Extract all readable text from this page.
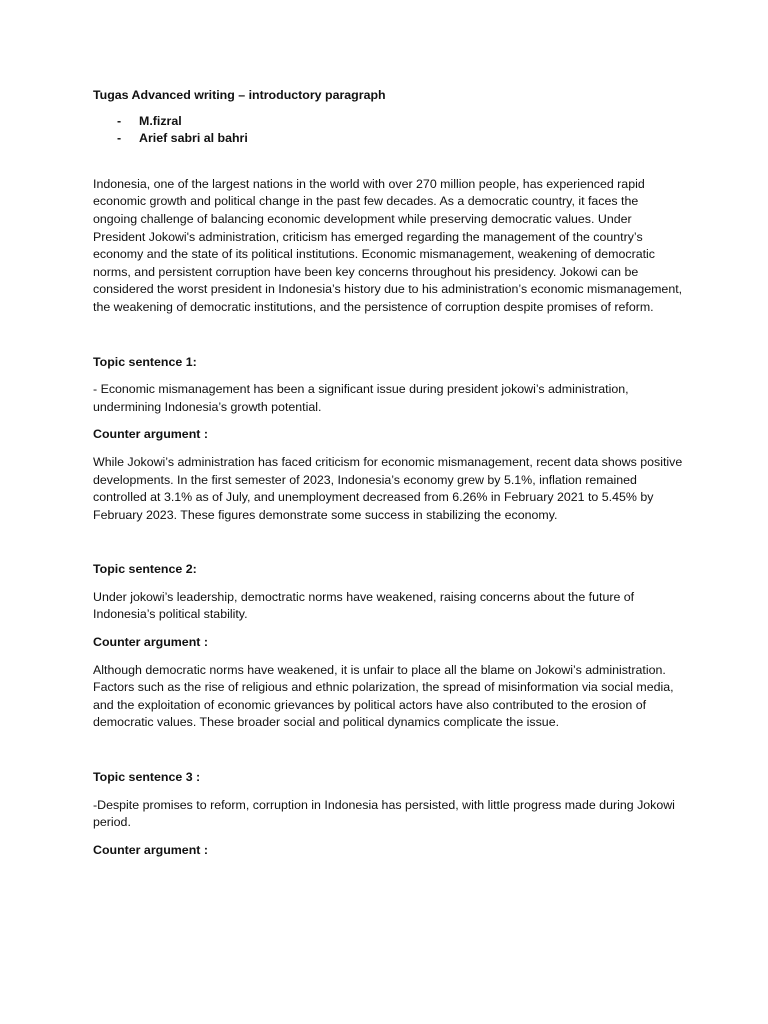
Tugas Advanced writing – introductory paragraph

- M.fizral
- Arief sabri al bahri

Indonesia, one of the largest nations in the world with over 270 million people, has experienced rapid economic growth and political change in the past few decades. As a democratic country, it faces the ongoing challenge of balancing economic development while preserving democratic values. Under President Jokowi's administration, criticism has emerged regarding the management of the country’s economy and the state of its political institutions. Economic mismanagement, weakening of democratic norms, and persistent corruption have been key concerns throughout his presidency. Jokowi can be considered the worst president in Indonesia’s history due to his administration’s economic mismanagement, the weakening of democratic institutions, and the persistence of corruption despite promises of reform.

Topic sentence 1:

- Economic mismanagement has been a significant issue during president jokowi’s administration, undermining Indonesia’s growth potential.

Counter argument :

While Jokowi’s administration has faced criticism for economic mismanagement, recent data shows positive developments. In the first semester of 2023, Indonesia’s economy grew by 5.1%, inflation remained controlled at 3.1% as of July, and unemployment decreased from 6.26% in February 2021 to 5.45% by February 2023. These figures demonstrate some success in stabilizing the economy.

Topic sentence 2:

Under jokowi’s leadership, democtratic norms have weakened, raising concerns about the future of Indonesia’s political stability.

Counter argument :

Although democratic norms have weakened, it is unfair to place all the blame on Jokowi’s administration. Factors such as the rise of religious and ethnic polarization, the spread of misinformation via social media, and the exploitation of economic grievances by political actors have also contributed to the erosion of democratic values. These broader social and political dynamics complicate the issue.

Topic sentence 3 :

-Despite promises to reform, corruption in Indonesia has persisted, with little progress made during Jokowi period.

Counter argument :
